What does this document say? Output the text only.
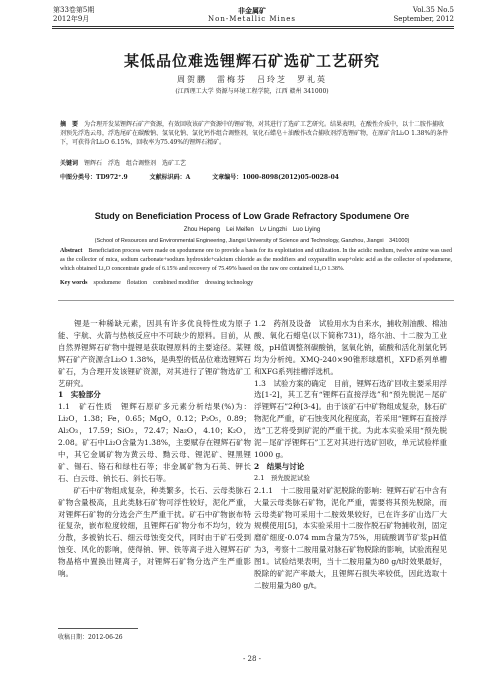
第33卷第5期
2012年9月
非金属矿
Non-Metallic Mines
Vol.35 No.5
September, 2012
某低品位难选锂辉石矿选矿工艺研究
周贺鹏　雷梅芬　吕玲芝　罗礼英
(江西理工大学 资源与环境工程学院，江西 赣州 341000)
摘　要　 为合理开发某锂辉石矿产资源，有效回收该矿产资源中的锂矿物，对其进行了选矿工艺研究。结果表明，在酸性介质中，以十二胺作捕收剂预先浮选云母，浮选尾矿在碳酸钠、氢氧化钠、氯化钙作组合调整剂，氧化石蜡皂＋油酸作改合捕收剂浮选锂矿物，在原矿含Li₂O 1.38%的条件下，可获得含Li₂O 6.15%，回收率为75.49%的锂辉石精矿。
关键词　 锂辉石　浮选　组合调整剂　选矿工艺
中图分类号：TD972⁺.9	文献标识码：A	文章编号：1000-8098(2012)05-0028-04
Study on Beneficiation Process of Low Grade Refractory Spodumene Ore
Zhou Hepeng　Lei Meifen　Lv Lingzhi　Luo Liying
(School of Resources and Environmental Engineering, Jiangxi University of Science and Technology, Ganzhou, Jiangxi　341000)
Abstract　 Beneficiation process were made on spodumene ore to provide a basis for its exploitation and utilization. In the acidic medium, twelve amine was used as the collector of mica, sodium carbonate+sodium hydroxide+calcium chloride as the modifiers and oxyparaffin soap+oleic acid as the collector of spodumene, which obtained Li₂O concentrate grade of 6.15% and recovery of 75.49% based on the raw ore contained Li₂O 1.38%.
Key words　 spodumene　flotation　combined modifier　dressing technology

　　锂是一种稀缺元素，因具有许多优良特性成为原子能、宇航、火箭与热核反应中不可缺少的原料。目前，从自然界锂辉石矿物中提锂是获取锂原料的主要途径。某锂辉石矿产资源含Li₂O 1.38%，是典型的低品位难选锂辉石矿石，为合理开发该锂矿资源，对其进行了锂矿物选矿工艺研究。

1　实验部分

1.1　矿石性质　锂辉石原矿多元素分析结果(%)为：Li₂O，1.38；Fe，0.65；MgO，0.12；P₂O₅，0.89；Al₂O₃，17.59；SiO₂，72.47；Na₂O，4.10；K₂O，2.08。矿石中Li₂O含量为1.38%，主要赋存在锂辉石矿物中，其它金属矿物为黄云母、黝云母、锂泥矿、锂黑锂矿、锡石、铬石和绿柱石等；非金属矿物为石英、钾长石、白云母、钠长石、斜长石等。

　　矿石中矿物组成复杂，种类繁多，长石、云母类脉石矿物含量极高，且此类脉石矿物可浮性较好，泥化严重，对锂辉石矿物的分选会产生严重干扰。矿石中矿物嵌布特征复杂，嵌布粒度较细，且锂辉石矿物分布不均匀，较为分散，多被钠长石、细云母蚀变交代，同时由于矿石受到蚀变、风化的影响，使得钠、钾、铁等离子进入锂辉石矿物晶格中置换出锂离子，对锂辉石矿物分选产生严重影响。

1.2　药剂及设备　试验用水为自来水，捕收剂油酸、棉油酸、氧化石蜡皂(以下简称731)，络尔油、十二胺为工业级，pH值调整剂碳酸钠，氢氧化钠，硫酸和活化剂氯化钙均为分析纯。XMQ-240×90锥形球磨机，XFD系列单槽和XFG系列挂槽浮选机。

1.3　试验方案的确定　目前，锂辉石选矿回收主要采用浮选[1-2]，其工艺有“锂辉石直接浮选”和“预先脱泥－尾矿浮锂辉石”2种[3-4]。由于该矿石中矿物组成复杂，脉石矿物泥化严重，矿石蚀变风化程度高，若采用“锂辉石直接浮选”工艺将受到矿泥的严重干扰。为此本实验采用“预先脱泥－尾矿浮锂辉石”工艺对其进行选矿回收，单元试验样重1000 g。

2　结果与讨论

2.1　预先脱泥试验

2.1.1　十二胺用量对矿泥脱除的影响：锂辉石矿石中含有大量云母类脉石矿物，泥化严重，需要将其预先脱除，而云母类矿物可采用十二胺效果较好，已在许多矿山选厂大规模使用[5]，本实验采用十二胺作脱石矿物捕收剂，固定磨矿细度-0.074 mm含量为75%，用硫酸调节矿浆pH值为3，考察十二胺用量对脉石矿物脱除的影响，试验流程见图1。试验结果表明，当十二胺用量为80 g/t时效果最好，脱除的矿泥产率最大，且锂辉石损失率较低，因此选取十二胺用量为80 g/t。

收稿日期：2012-06-26
- 28 -
